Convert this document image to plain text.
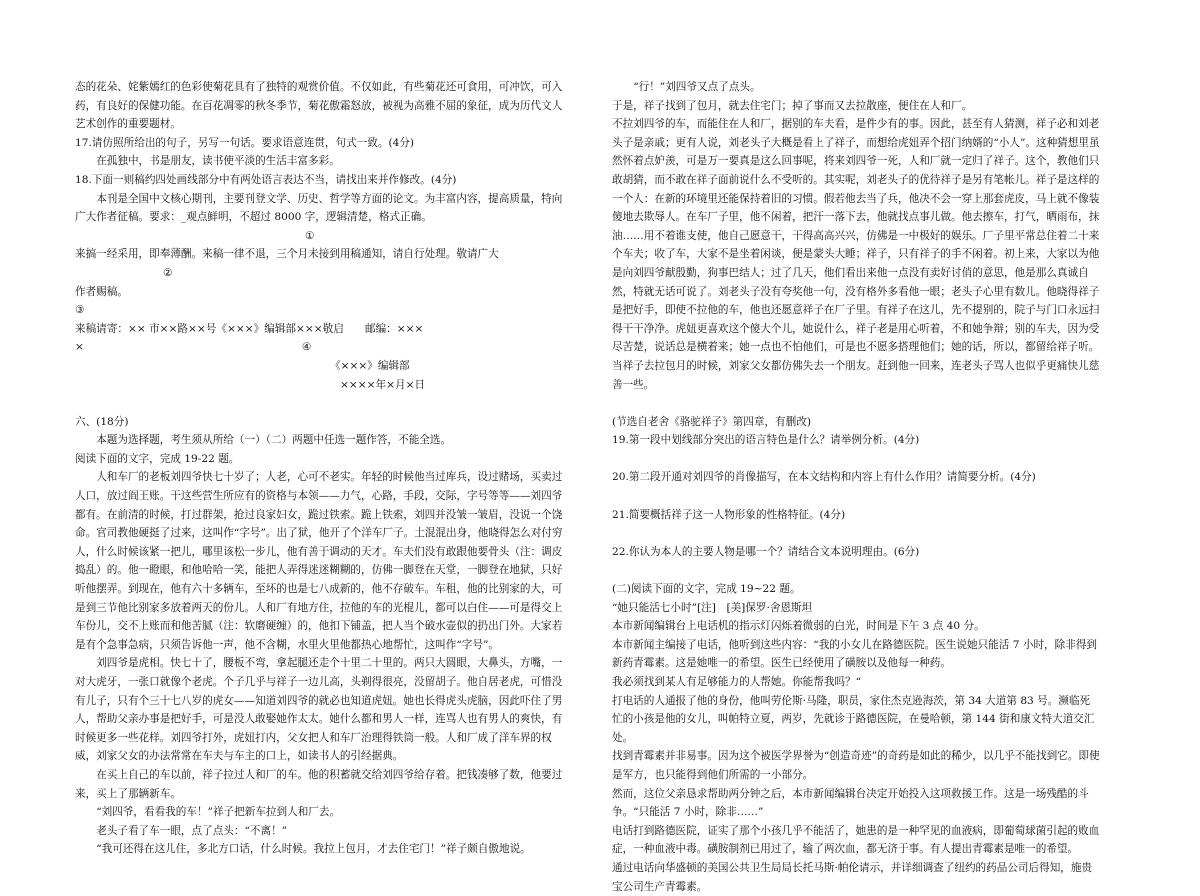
态的花朵、姹紫嫣红的色彩使菊花具有了独特的观赏价值。不仅如此，有些菊花还可食用，可冲饮，可入药，有良好的保健功能。在百花凋零的秋冬季节，菊花傲霜怒放，被视为高雅不屈的象征，成为历代文人艺术创作的重要题材。

17.请仿照所给出的句子，另写一句话。要求语意连贯，句式一致。(4分)

在孤独中，书是朋友，读书使平淡的生活丰富多彩。

18.下面一则稿约四处画线部分中有两处语言表达不当，请找出来并作修改。(4分)

本刊是全国中文核心期刊，主要刊登文学、历史、哲学等方面的论文。为丰富内容，提高质量，特向广大作者征稿。要求：_观点鲜明，不超过 8000 字，逻辑清楚，格式正确。

①

来搞一经采用，即奉薄酬。来稿一律不退，三个月未接到用稿通知，请自行处理。敬请广大

②

作者赐稿。

③

来稿请寄：×× 市××路××号《×××》编辑部×××敬启　　邮编：×××

×	④

《×××》编辑部

××××年×月×日

六、(18分)

本题为选择题，考生须从所给（一）（二）两题中任选一题作答，不能全选。

阅读下面的文字，完成 19-22 题。

人和车厂的老板刘四爷快七十岁了；人老，心可不老实。年轻的时候他当过库兵，设过赌场，买卖过人口，放过阎王账。干这些营生所应有的资格与本领——力气，心路，手段，交际，字号等等——刘四爷都有。在前清的时候，打过群架，抢过良家妇女，跪过铁索。跪上铁索，刘四并没皱一皱眉，没说一个饶命。官司教他硬挺了过来，这叫作“字号”。出了狱，他开了个洋车厂子。土混混出身，他晓得怎么对付穷人，什么时候该紧一把儿，哪里该松一步儿，他有善于调动的天才。车夫们没有敢跟他要骨头（注：调皮捣乱）的。他一瞪眼，和他哈哈一笑，能把人弄得迷迷糊糊的，仿佛一脚登在天堂，一脚登在地狱，只好听他摆弄。到现在，他有六十多辆车，至坏的也是七八成新的，他不存破车。车租，他的比别家的大，可是到三节他比别家多放着两天的份儿。人和厂有地方住，拉他的车的光棍儿，都可以白住——可是得交上车份儿，交不上账而和他苦腻（注：软磨硬缠）的，他扣下铺盖，把人当个破水壶似的扔出门外。大家若是有个急事急病，只须告诉他一声，他不含糊，水里火里他都热心地帮忙，这叫作“字号”。

刘四爷是虎相。快七十了，腰板不弯，拿起腿还走个十里二十里的。两只大圆眼，大鼻头，方嘴，一对大虎牙，一张口就像个老虎。个子几乎与祥子一边儿高，头剃得很亮，没留胡子。他自居老虎，可惜没有儿子，只有个三十七八岁的虎女——知道刘四爷的就必也知道虎妞。她也长得虎头虎脑，因此吓住了男人，帮助父亲办事是把好手，可是没人敢娶她作太太。她什么都和男人一样，连骂人也有男人的爽快，有时候更多一些花样。刘四爷打外，虎妞打内，父女把人和车厂治理得铁筒一般。人和厂成了洋车界的权威，刘家父女的办法常常在车夫与车主的口上，如读书人的引经据典。

在买上自己的车以前，祥子拉过人和厂的车。他的积蓄就交给刘四爷给存着。把钱凑够了数，他要过来，买上了那辆新车。

“刘四爷，看看我的车！”祥子把新车拉到人和厂去。

老头子看了车一眼，点了点头：“不离！”

“我可还得在这儿住，多北方口话，什么时候。我拉上包月，才去住宅门！”祥子颇自傲地说。

“行！”刘四爷又点了点头。

于是，祥子找到了包月，就去住宅门；掉了事而又去拉散座，便住在人和厂。

不拉刘四爷的车，而能住在人和厂，据别的车夫看，是件少有的事。因此，甚至有人猜测，祥子必和刘老头子是亲戚；更有人说，刘老头子大概是看上了祥子，而想给虎妞弄个招门纳婿的“小人”。这种猜想里虽然怀着点妒羡，可是万一要真是这么回事呢，将来刘四爷一死，人和厂就一定归了祥子。这个，教他们只敢胡猜，而不敢在祥子面前说什么不受听的。其实呢，刘老头子的优待祥子是另有笔帐儿。祥子是这样的一个人：在新的环境里还能保持着旧的习惯。假若他去当了兵，他决不会一穿上那套虎皮，马上就不像装傻地去欺辱人。在车厂子里，他不闲着，把汗一落下去，他就找点事儿做。他去擦车，打气，晒雨布，抹油……用不着谁支使，他自己愿意干，干得高高兴兴，仿佛是一中极好的娱乐。厂子里平常总住着二十来个车夫；收了车，大家不是坐着闲谈，便是蒙头大睡；祥子，只有祥子的手不闲着。初上来，大家以为他是向刘四爷献殷勤，狗事巴结人；过了几天，他们看出来他一点没有卖好讨俏的意思，他是那么真诚自然，特就无话可说了。刘老头子没有夸奖他一句，没有格外多看他一眼；老头子心里有数儿。他晓得祥子是把好手，即使不拉他的车，他也还愿意祥子在厂子里。有祥子在这儿，先不提别的，院子与门口永远扫得干干净净。虎妞更喜欢这个傻大个儿，她说什么，祥子老是用心听着，不和她争辩；别的车夫，因为受尽苦楚，说话总是横着来；她一点也不怕他们，可是也不愿多搭理他们；她的话，所以，都留给祥子听。当祥子去拉包月的时候，刘家父女都仿佛失去一个朋友。赶到他一回来，连老头子骂人也似乎更痛快儿慈善一些。

(节选自老舍《骆驼祥子》第四章，有删改)

19.第一段中划线部分突出的语言特色是什么？请举例分析。(4分)

20.第二段开通对刘四爷的肖像描写，在本文结构和内容上有什么作用？请简要分析。(4分)

21.简要概括祥子这一人物形象的性格特征。(4分)

22.你认为本人的主要人物是哪一个？请结合文本说明理由。(6分)

(二)阅读下面的文字，完成 19~22 题。

“她只能活七小时”[注]　[美]保罗·舍恩斯坦

本市新闻编辑台上电话机的指示灯闪烁着微弱的白光，时间是下午 3 点 40 分。

本市新闻主编接了电话，他听到这些内容：“我的小女儿在路德医院。医生说她只能活 7 小时，除非得到新药青霉素。这是她唯一的希望。医生已经使用了磺胺以及他每一种药。

我必须找到某人有足够能力的人帮她。你能帮我吗？“

打电话的人通报了他的身份，他叫劳伦斯·马隆，职员，家住杰克逊海茨，第 34 大道第 83 号。濒临死忙的小孩是他的女儿，叫帕特立夏，两岁，先就诊于路德医院，在曼哈顿，第 144 街和康文特大道交汇处。

找到青霉素并非易事。因为这个被医学界誉为“创造奇迹”的奇药是如此的稀少，以几乎不能找到它。即使是军方，也只能得到他们所需的一小部分。

然而，这位父亲恳求帮助两分钟之后，本市新闻编辑台决定开始投入这项救援工作。这是一场残酷的斗争。“只能活 7 小时，除非……”

电话打到路德医院，证实了那个小孩几乎不能活了，她患的是一种罕见的血液病，即葡萄球菌引起的败血症，一种血液中毒。磺胺制剂已用过了，输了两次血，都无济于事。有人提出青霉素是唯一的希望。

通过电话向华盛顿的美国公共卫生局局长托马斯·帕伦请示，并详细调查了纽约的药品公司后得知，施贵宝公司生产青霉素。
